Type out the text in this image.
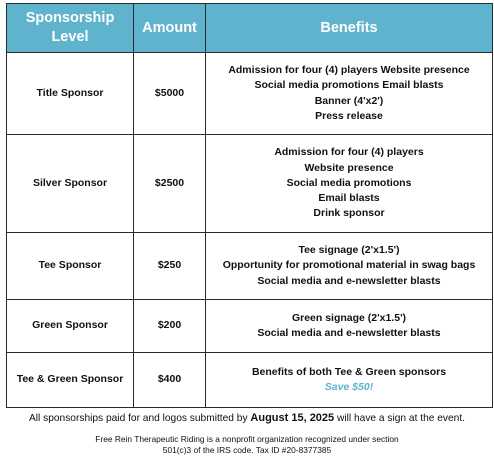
Sponsorship Level	Amount	Benefits
Title Sponsor	$5000	Admission for four (4) players Website presence
Social media promotions Email blasts
Banner (4'x2')
Press release

Silver Sponsor	$2500	Admission for four (4) players
Website presence
Social media promotions
Email blasts
Drink sponsor

Tee Sponsor	$250	Tee signage (2'x1.5')
Opportunity for promotional material in swag bags
Social media and e-newsletter blasts

Green Sponsor	$200	Green signage (2'x1.5')
Social media and e-newsletter blasts

Tee & Green Sponsor	$400	Benefits of both Tee & Green sponsors
Save $50!
All sponsorships paid for and logos submitted by August 15, 2025 will have a sign at the event.
Free Rein Therapeutic Riding is a nonprofit organization recognized under section
501(c)3 of the IRS code. Tax ID #20-8377385
